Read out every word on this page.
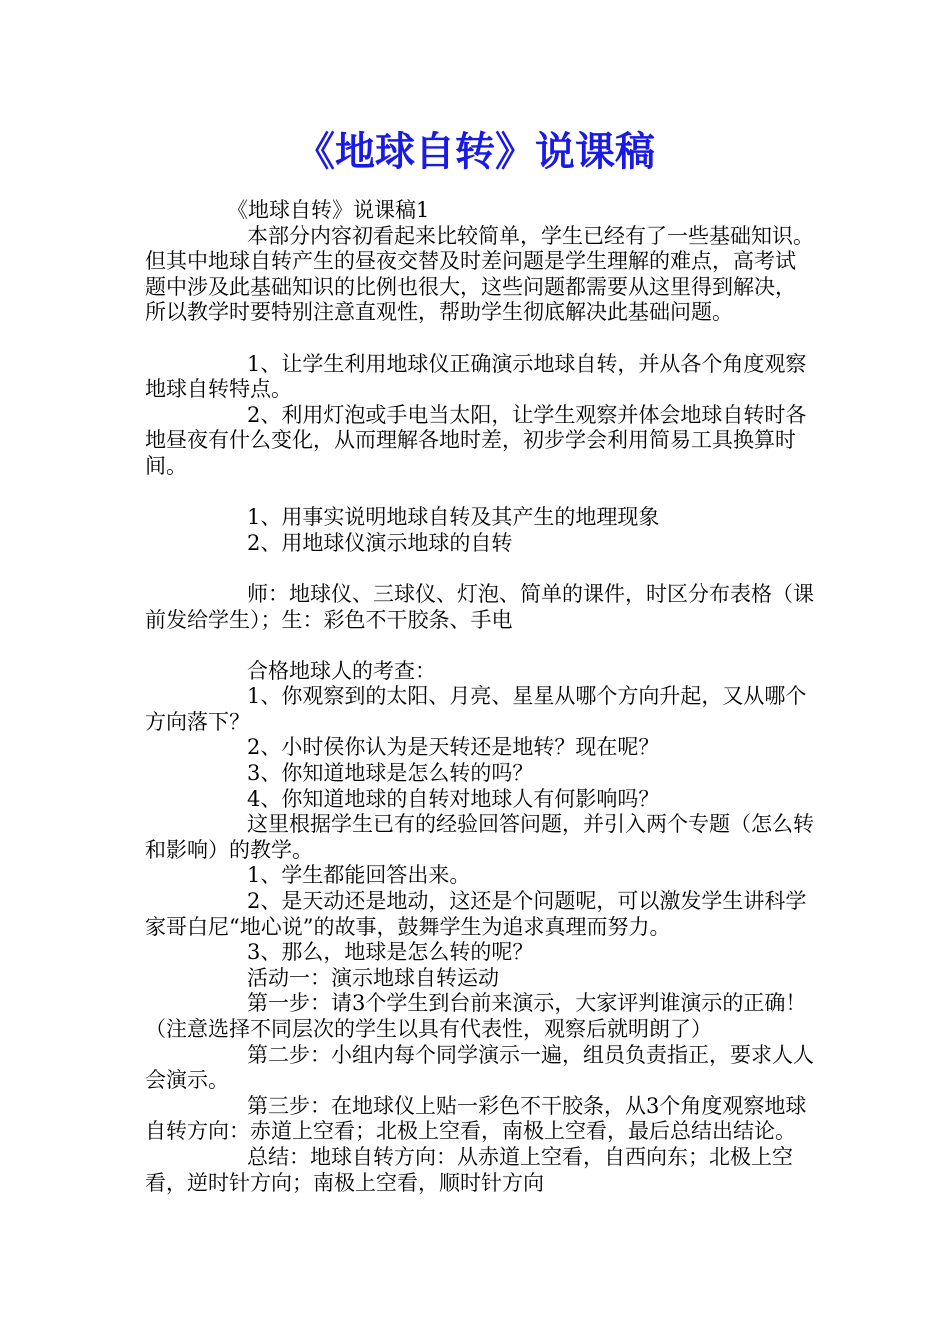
《地球自转》说课稿

《地球自转》说课稿1

本部分内容初看起来比较简单，学生已经有了一些基础知识。但其中地球自转产生的昼夜交替及时差问题是学生理解的难点，高考试题中涉及此基础知识的比例也很大，这些问题都需要从这里得到解决，所以教学时要特别注意直观性，帮助学生彻底解决此基础问题。

1、让学生利用地球仪正确演示地球自转，并从各个角度观察地球自转特点。

2、利用灯泡或手电当太阳，让学生观察并体会地球自转时各地昼夜有什么变化，从而理解各地时差，初步学会利用简易工具换算时间。

1、用事实说明地球自转及其产生的地理现象

2、用地球仪演示地球的自转

师：地球仪、三球仪、灯泡、简单的课件，时区分布表格（课前发给学生）；生：彩色不干胶条、手电

合格地球人的考查：

1、你观察到的太阳、月亮、星星从哪个方向升起，又从哪个方向落下？

2、小时侯你认为是天转还是地转？现在呢？

3、你知道地球是怎么转的吗？

4、你知道地球的自转对地球人有何影响吗？

这里根据学生已有的经验回答问题，并引入两个专题（怎么转和影响）的教学。

1、学生都能回答出来。

2、是天动还是地动，这还是个问题呢，可以激发学生讲科学家哥白尼“地心说”的故事，鼓舞学生为追求真理而努力。

3、那么，地球是怎么转的呢？

活动一：演示地球自转运动

第一步：请3个学生到台前来演示，大家评判谁演示的正确！（注意选择不同层次的学生以具有代表性，观察后就明朗了）

第二步：小组内每个同学演示一遍，组员负责指正，要求人人会演示。

第三步：在地球仪上贴一彩色不干胶条，从3个角度观察地球自转方向：赤道上空看；北极上空看，南极上空看，最后总结出结论。

总结：地球自转方向：从赤道上空看，自西向东；北极上空看，逆时针方向；南极上空看，顺时针方向
